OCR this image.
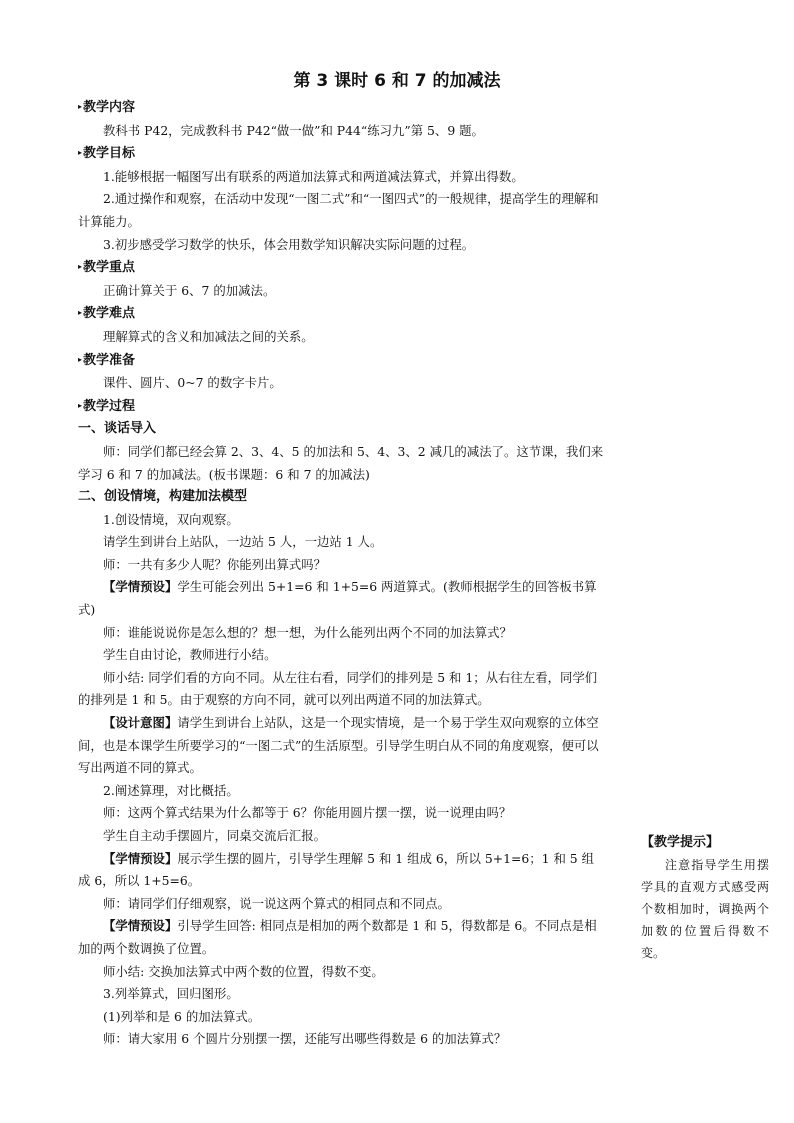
第 3 课时 6 和 7 的加减法

▸教学内容

教科书 P42，完成教科书 P42“做一做”和 P44“练习九”第 5、9 题。

▸教学目标

1.能够根据一幅图写出有联系的两道加法算式和两道减法算式，并算出得数。

2.通过操作和观察，在活动中发现“一图二式”和“一图四式”的一般规律，提高学生的理解和计算能力。

3.初步感受学习数学的快乐，体会用数学知识解决实际问题的过程。

▸教学重点

正确计算关于 6、7 的加减法。

▸教学难点

理解算式的含义和加减法之间的关系。

▸教学准备

课件、圆片、0~7 的数字卡片。

▸教学过程

一、谈话导入

师：同学们都已经会算 2、3、4、5 的加法和 5、4、3、2 减几的减法了。这节课，我们来学习 6 和 7 的加减法。(板书课题：6 和 7 的加减法)

二、创设情境，构建加法模型

1.创设情境，双向观察。

请学生到讲台上站队，一边站 5 人，一边站 1 人。

师：一共有多少人呢？你能列出算式吗？

【学情预设】学生可能会列出 5+1=6 和 1+5=6 两道算式。(教师根据学生的回答板书算式)

师：谁能说说你是怎么想的？想一想，为什么能列出两个不同的加法算式？

学生自由讨论，教师进行小结。

师小结: 同学们看的方向不同。从左往右看，同学们的排列是 5 和 1；从右往左看，同学们的排列是 1 和 5。由于观察的方向不同，就可以列出两道不同的加法算式。

【设计意图】请学生到讲台上站队，这是一个现实情境，是一个易于学生双向观察的立体空间，也是本课学生所要学习的“一图二式”的生活原型。引导学生明白从不同的角度观察，便可以写出两道不同的算式。

2.阐述算理，对比概括。

师：这两个算式结果为什么都等于 6？你能用圆片摆一摆，说一说理由吗？

学生自主动手摆圆片，同桌交流后汇报。

【学情预设】展示学生摆的圆片，引导学生理解 5 和 1 组成 6，所以 5+1=6；1 和 5 组成 6，所以 1+5=6。

师：请同学们仔细观察，说一说这两个算式的相同点和不同点。

【学情预设】引导学生回答: 相同点是相加的两个数都是 1 和 5，得数都是 6。不同点是相加的两个数调换了位置。

师小结: 交换加法算式中两个数的位置，得数不变。

3.列举算式，回归图形。

(1)列举和是 6 的加法算式。

师：请大家用 6 个圆片分别摆一摆，还能写出哪些得数是 6 的加法算式？

【教学提示】
注意指导学生用摆学具的直观方式感受两个数相加时，调换两个加数的位置后得数不变。
